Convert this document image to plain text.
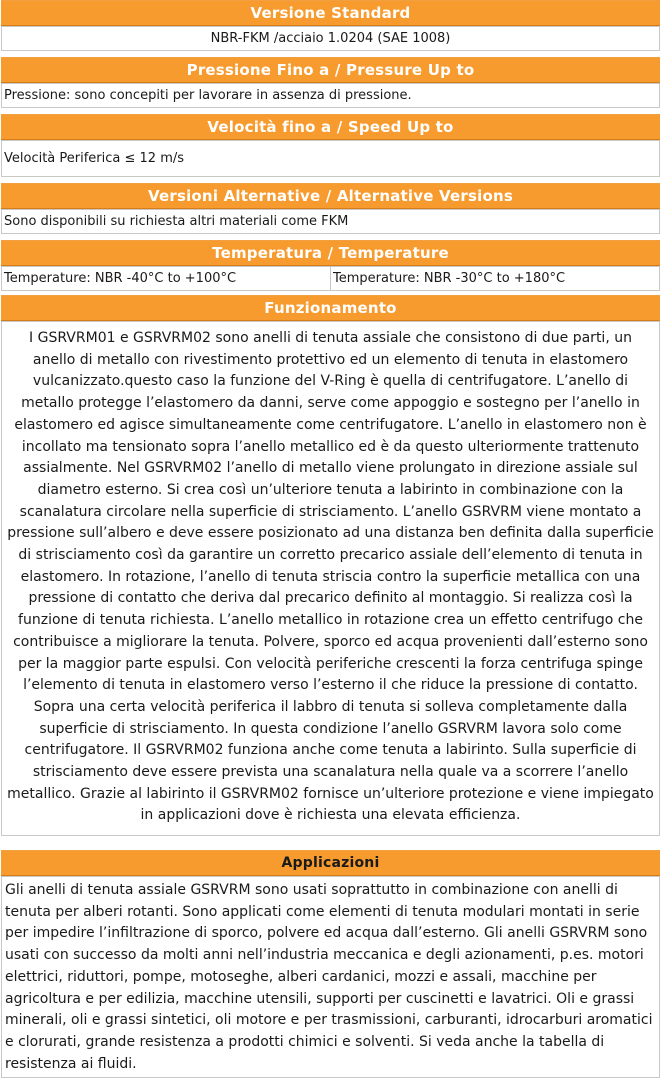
Versione Standard
NBR-FKM /acciaio 1.0204 (SAE 1008)
Pressione Fino a / Pressure Up to
Pressione: sono concepiti per lavorare in assenza di pressione.
Velocità fino a / Speed Up to
Velocità Periferica ≤ 12 m/s
Versioni Alternative / Alternative Versions
Sono disponibili su richiesta altri materiali come FKM
Temperatura / Temperature
Temperature: NBR -40°C to +100°C	Temperature: NBR -30°C to +180°C
Funzionamento
I GSRVRM01 e GSRVRM02 sono anelli di tenuta assiale che consistono di due parti, un anello di metallo con rivestimento protettivo ed un elemento di tenuta in elastomero vulcanizzato.questo caso la funzione del V-Ring è quella di centrifugatore. L’anello di metallo protegge l’elastomero da danni, serve come appoggio e sostegno per l’anello in elastomero ed agisce simultaneamente come centrifugatore. L’anello in elastomero non è incollato ma tensionato sopra l’anello metallico ed è da questo ulteriormente trattenuto assialmente. Nel GSRVRM02 l’anello di metallo viene prolungato in direzione assiale sul diametro esterno. Si crea così un’ulteriore tenuta a labirinto in combinazione con la scanalatura circolare nella superficie di strisciamento. L’anello GSRVRM viene montato a pressione sull’albero e deve essere posizionato ad una distanza ben definita dalla superficie di strisciamento così da garantire un corretto precarico assiale dell’elemento di tenuta in elastomero. In rotazione, l’anello di tenuta striscia contro la superficie metallica con una pressione di contatto che deriva dal precarico definito al montaggio. Si realizza così la funzione di tenuta richiesta. L’anello metallico in rotazione crea un effetto centrifugo che contribuisce a migliorare la tenuta. Polvere, sporco ed acqua provenienti dall’esterno sono per la maggior parte espulsi. Con velocità periferiche crescenti la forza centrifuga spinge l’elemento di tenuta in elastomero verso l’esterno il che riduce la pressione di contatto. Sopra una certa velocità periferica il labbro di tenuta si solleva completamente dalla superficie di strisciamento. In questa condizione l’anello GSRVRM lavora solo come centrifugatore. Il GSRVRM02 funziona anche come tenuta a labirinto. Sulla superficie di strisciamento deve essere prevista una scanalatura nella quale va a scorrere l’anello metallico. Grazie al labirinto il GSRVRM02 fornisce un’ulteriore protezione e viene impiegato in applicazioni dove è richiesta una elevata efficienza.
Applicazioni
Gli anelli di tenuta assiale GSRVRM sono usati soprattutto in combinazione con anelli di tenuta per alberi rotanti. Sono applicati come elementi di tenuta modulari montati in serie per impedire l’infiltrazione di sporco, polvere ed acqua dall’esterno. Gli anelli GSRVRM sono usati con successo da molti anni nell’industria meccanica e degli azionamenti, p.es. motori elettrici, riduttori, pompe, motoseghe, alberi cardanici, mozzi e assali, macchine per agricoltura e per edilizia, macchine utensili, supporti per cuscinetti e lavatrici. Oli e grassi minerali, oli e grassi sintetici, oli motore e per trasmissioni, carburanti, idrocarburi aromatici e clorurati, grande resistenza a prodotti chimici e solventi. Si veda anche la tabella di resistenza ai fluidi.
